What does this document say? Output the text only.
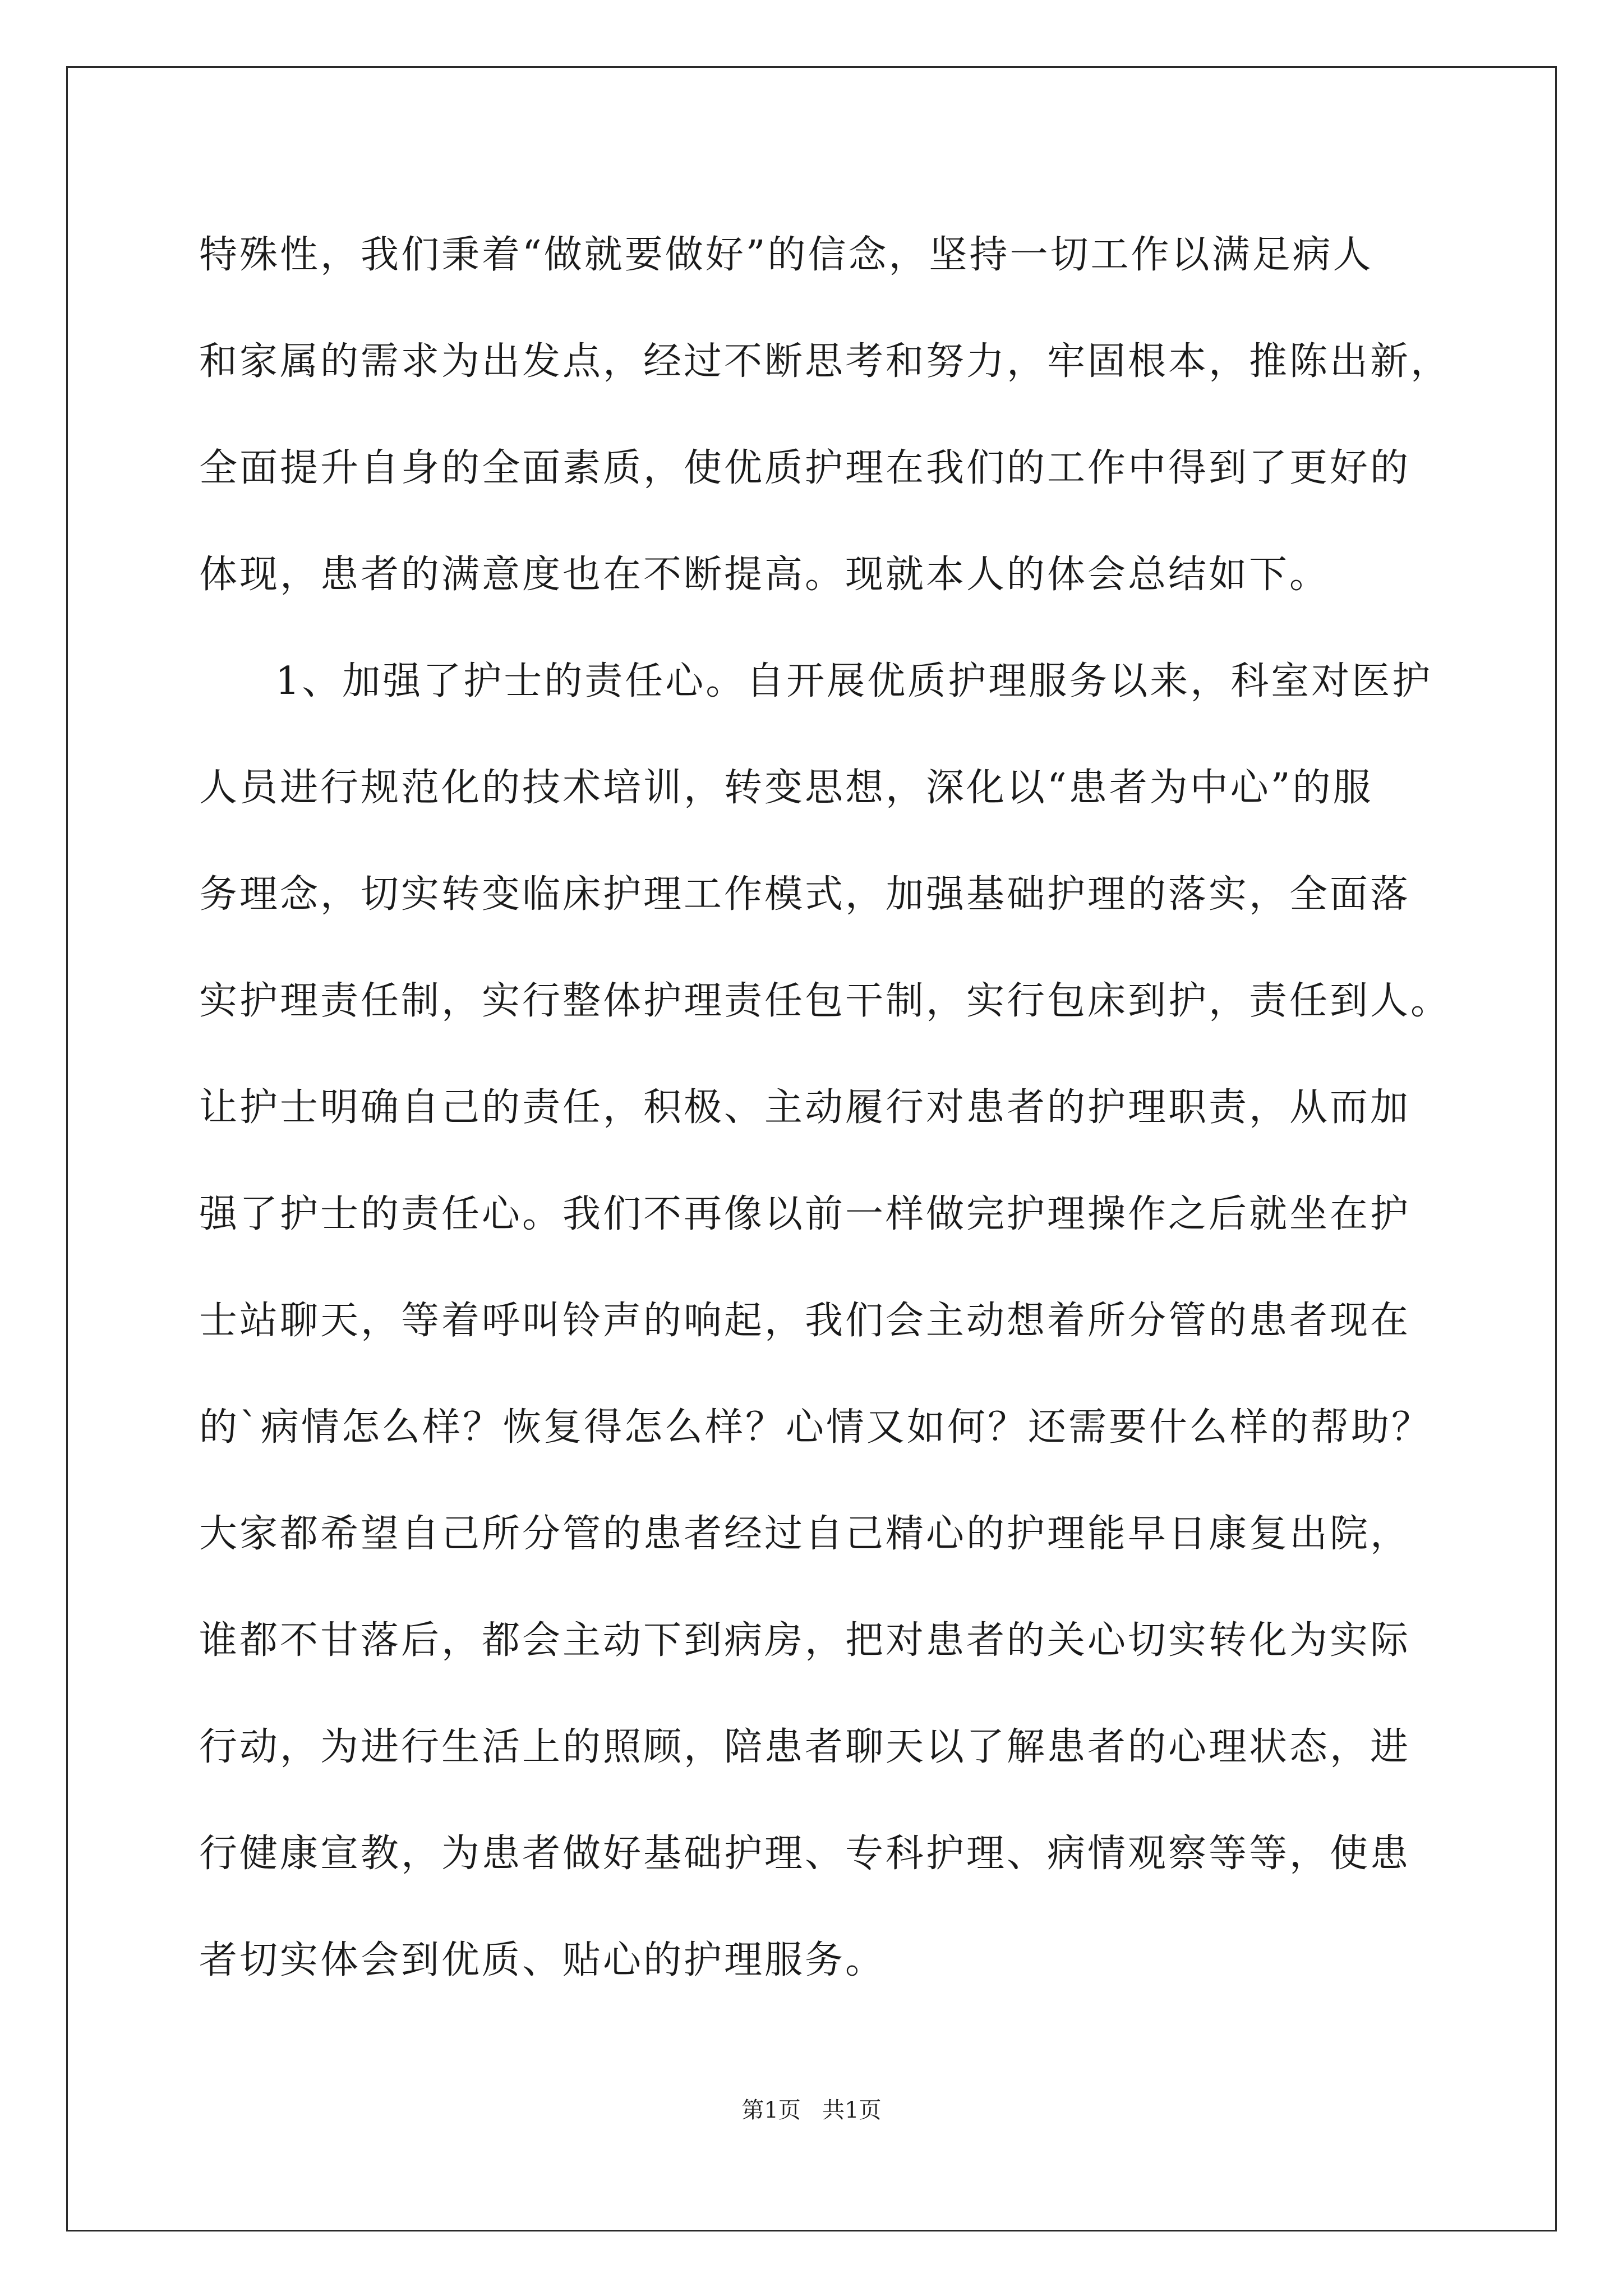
特殊性，我们秉着“做就要做好”的信念，坚持一切工作以满足病人
和家属的需求为出发点，经过不断思考和努力，牢固根本，推陈出新，
全面提升自身的全面素质，使优质护理在我们的工作中得到了更好的
体现，患者的满意度也在不断提高。现就本人的体会总结如下。
1、加强了护士的责任心。自开展优质护理服务以来，科室对医护
人员进行规范化的技术培训，转变思想，深化以“患者为中心”的服
务理念，切实转变临床护理工作模式，加强基础护理的落实，全面落
实护理责任制，实行整体护理责任包干制，实行包床到护，责任到人。
让护士明确自己的责任，积极、主动履行对患者的护理职责，从而加
强了护士的责任心。我们不再像以前一样做完护理操作之后就坐在护
士站聊天，等着呼叫铃声的响起，我们会主动想着所分管的患者现在
的`病情怎么样？恢复得怎么样？心情又如何？还需要什么样的帮助？
大家都希望自己所分管的患者经过自己精心的护理能早日康复出院，
谁都不甘落后，都会主动下到病房，把对患者的关心切实转化为实际
行动，为进行生活上的照顾，陪患者聊天以了解患者的心理状态，进
行健康宣教，为患者做好基础护理、专科护理、病情观察等等，使患
者切实体会到优质、贴心的护理服务。
第1页 共1页
